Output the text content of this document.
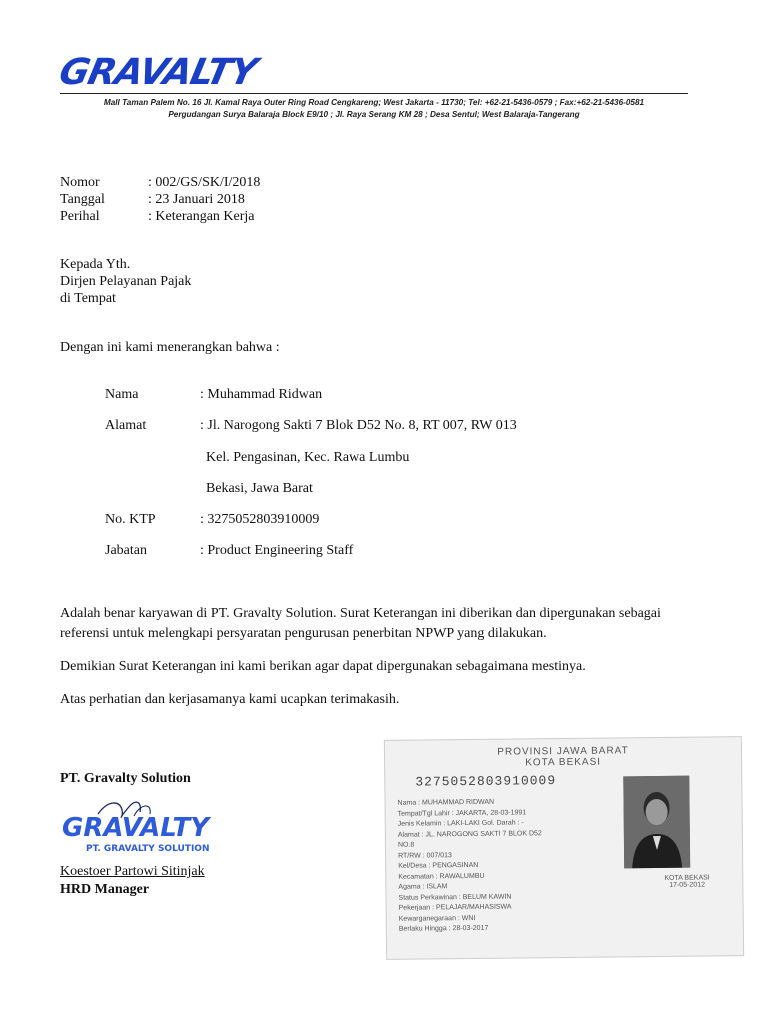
GRAVALTY
Mall Taman Palem No. 16 Jl. Kamal Raya Outer Ring Road Cengkareng; West Jakarta - 11730; Tel: +62-21-5436-0579 ; Fax:+62-21-5436-0581
Pergudangan Surya Balaraja Block E9/10 ; Jl. Raya Serang KM 28 ; Desa Sentul; West Balaraja-Tangerang
Nomor	: 002/GS/SK/I/2018
Tanggal	: 23 Januari 2018
Perihal	: Keterangan Kerja
Kepada Yth.
Dirjen Pelayanan Pajak
di Tempat
Dengan ini kami menerangkan bahwa :
Nama	: Muhammad Ridwan
Alamat	: Jl. Narogong Sakti 7 Blok D52 No. 8, RT 007, RW 013
Kel. Pengasinan, Kec. Rawa Lumbu
Bekasi, Jawa Barat
No. KTP	: 3275052803910009
Jabatan	: Product Engineering Staff
Adalah benar karyawan di PT. Gravalty Solution. Surat Keterangan ini diberikan dan dipergunakan sebagai referensi untuk melengkapi persyaratan pengurusan penerbitan NPWP yang dilakukan.
Demikian Surat Keterangan ini kami berikan agar dapat dipergunakan sebagaimana mestinya.
Atas perhatian dan kerjasamanya kami ucapkan terimakasih.
PT. Gravalty Solution
GRAVALTY
PT. GRAVALTY SOLUTION
Koestoer Partowi Sitinjak
HRD Manager
PROVINSI JAWA BARAT
KOTA BEKASI
3275052803910009
Nama : MUHAMMAD RIDWAN
Tempat/Tgl Lahir : JAKARTA, 28-03-1991
Jenis Kelamin : LAKI-LAKI Gol. Darah : -
Alamat : JL. NAROGONG SAKTI 7 BLOK D52
NO.8
RT/RW : 007/013
Kel/Desa : PENGASINAN
Kecamatan : RAWALUMBU
Agama : ISLAM
Status Perkawinan : BELUM KAWIN
Pekerjaan : PELAJAR/MAHASISWA
Kewarganegaraan : WNI
Berlaku Hingga : 28-03-2017
KOTA BEKASI
17-05-2012
